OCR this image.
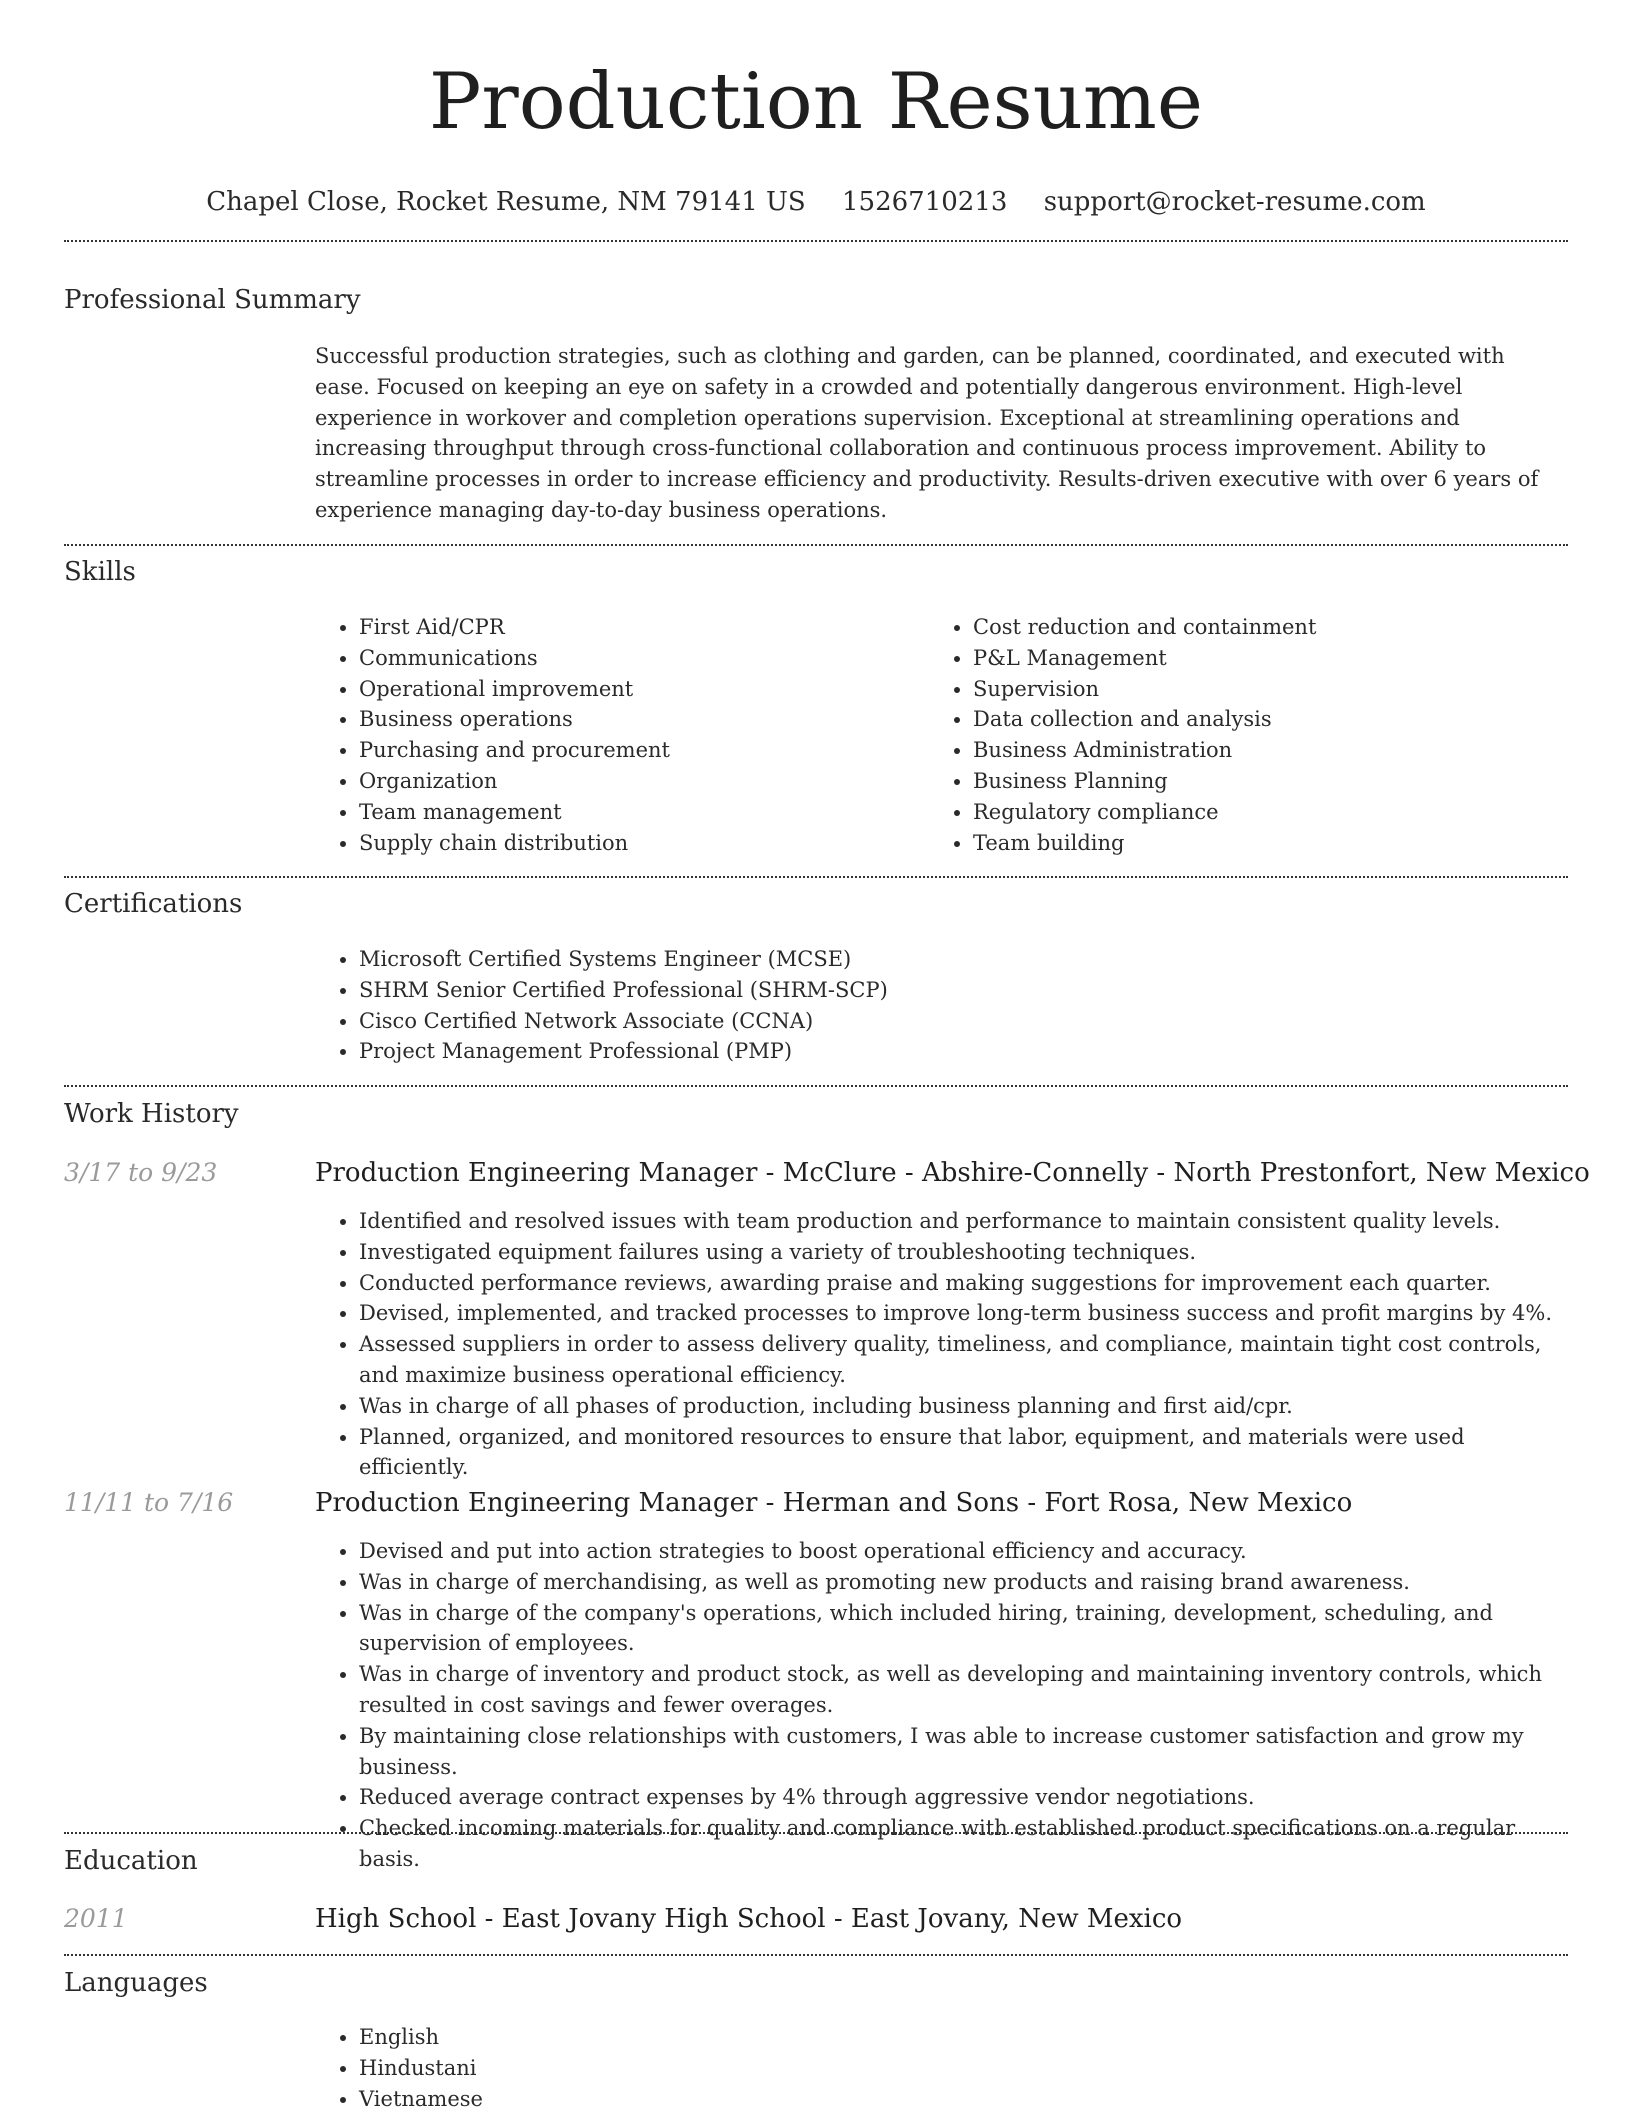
Production Resume
Chapel Close, Rocket Resume, NM 79141 US 1526710213 support@rocket-resume.com
Professional Summary

Successful production strategies, such as clothing and garden, can be planned, coordinated, and executed with ease. Focused on keeping an eye on safety in a crowded and potentially dangerous environment. High-level experience in workover and completion operations supervision. Exceptional at streamlining operations and increasing throughput through cross-functional collaboration and continuous process improvement. Ability to streamline processes in order to increase efficiency and productivity. Results-driven executive with over 6 years of experience managing day-to-day business operations.

Skills
• First Aid/CPR
• Communications
• Operational improvement
• Business operations
• Purchasing and procurement
• Organization
• Team management
• Supply chain distribution
• Cost reduction and containment
• P&L Management
• Supervision
• Data collection and analysis
• Business Administration
• Business Planning
• Regulatory compliance
• Team building
Certifications
• Microsoft Certified Systems Engineer (MCSE)
• SHRM Senior Certified Professional (SHRM-SCP)
• Cisco Certified Network Associate (CCNA)
• Project Management Professional (PMP)
Work History
3/17 to 9/23	Production Engineering Manager - McClure - Abshire-Connelly - North Prestonfort, New Mexico
• Identified and resolved issues with team production and performance to maintain consistent quality levels.
• Investigated equipment failures using a variety of troubleshooting techniques.
• Conducted performance reviews, awarding praise and making suggestions for improvement each quarter.
• Devised, implemented, and tracked processes to improve long-term business success and profit margins by 4%.
• Assessed suppliers in order to assess delivery quality, timeliness, and compliance, maintain tight cost controls, and maximize business operational efficiency.
• Was in charge of all phases of production, including business planning and first aid/cpr.
• Planned, organized, and monitored resources to ensure that labor, equipment, and materials were used efficiently.
11/11 to 7/16	Production Engineering Manager - Herman and Sons - Fort Rosa, New Mexico
• Devised and put into action strategies to boost operational efficiency and accuracy.
• Was in charge of merchandising, as well as promoting new products and raising brand awareness.
• Was in charge of the company's operations, which included hiring, training, development, scheduling, and supervision of employees.
• Was in charge of inventory and product stock, as well as developing and maintaining inventory controls, which resulted in cost savings and fewer overages.
• By maintaining close relationships with customers, I was able to increase customer satisfaction and grow my business.
• Reduced average contract expenses by 4% through aggressive vendor negotiations.
• Checked incoming materials for quality and compliance with established product specifications on a regular basis.
Education
2011	High School - East Jovany High School - East Jovany, New Mexico
Languages
• English
• Hindustani
• Vietnamese
